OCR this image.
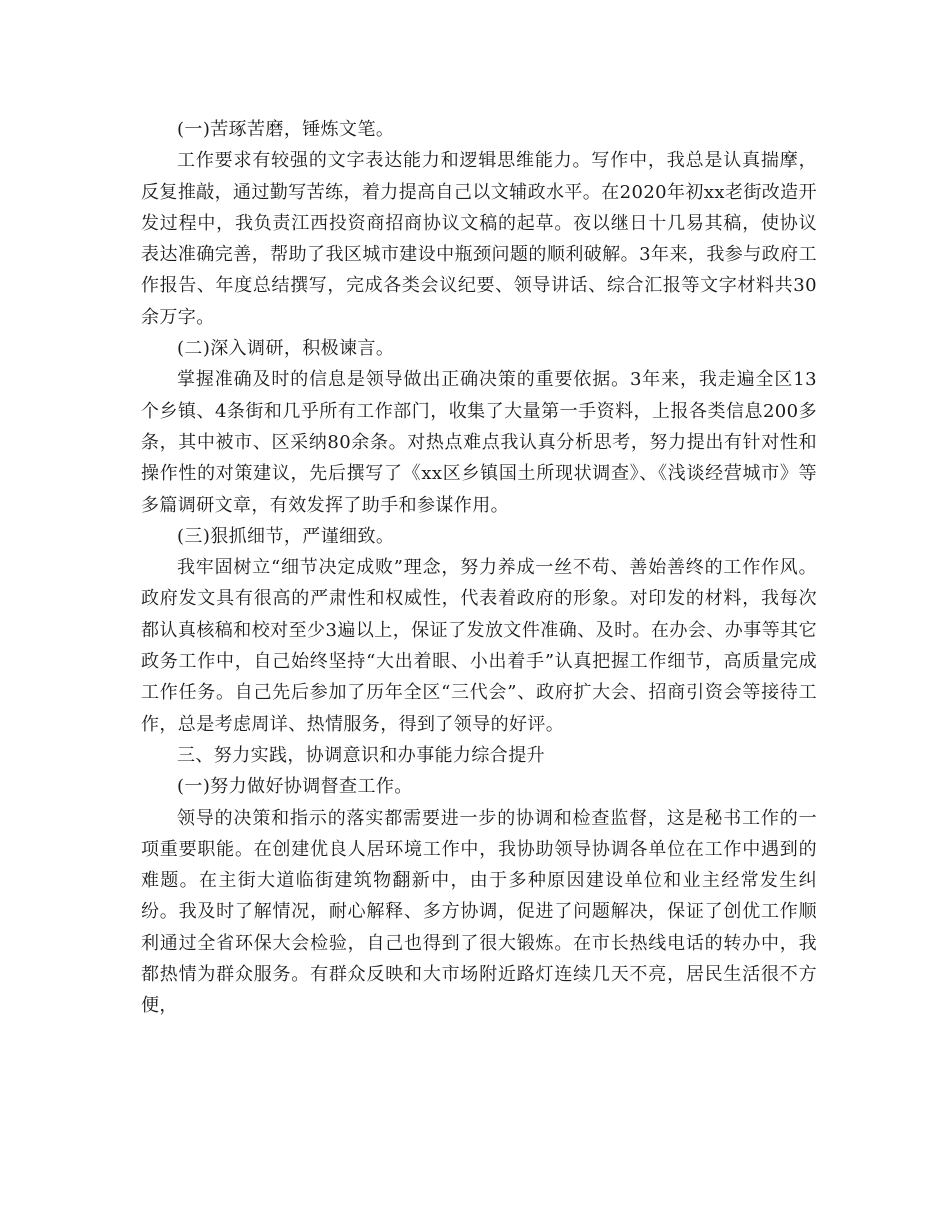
(一)苦琢苦磨，锤炼文笔。

工作要求有较强的文字表达能力和逻辑思维能力。写作中，我总是认真揣摩，反复推敲，通过勤写苦练，着力提高自己以文辅政水平。在2020年初xx老街改造开发过程中，我负责江西投资商招商协议文稿的起草。夜以继日十几易其稿，使协议表达准确完善，帮助了我区城市建设中瓶颈问题的顺利破解。3年来，我参与政府工作报告、年度总结撰写，完成各类会议纪要、领导讲话、综合汇报等文字材料共30余万字。

(二)深入调研，积极谏言。

掌握准确及时的信息是领导做出正确决策的重要依据。3年来，我走遍全区13个乡镇、4条街和几乎所有工作部门，收集了大量第一手资料，上报各类信息200多条，其中被市、区采纳80余条。对热点难点我认真分析思考，努力提出有针对性和操作性的对策建议，先后撰写了《xx区乡镇国土所现状调查》、《浅谈经营城市》等多篇调研文章，有效发挥了助手和参谋作用。

(三)狠抓细节，严谨细致。

我牢固树立“细节决定成败”理念，努力养成一丝不苟、善始善终的工作作风。政府发文具有很高的严肃性和权威性，代表着政府的形象。对印发的材料，我每次都认真核稿和校对至少3遍以上，保证了发放文件准确、及时。在办会、办事等其它政务工作中，自己始终坚持“大出着眼、小出着手”认真把握工作细节，高质量完成工作任务。自己先后参加了历年全区“三代会”、政府扩大会、招商引资会等接待工作，总是考虑周详、热情服务，得到了领导的好评。

三、努力实践，协调意识和办事能力综合提升

(一)努力做好协调督查工作。

领导的决策和指示的落实都需要进一步的协调和检查监督，这是秘书工作的一项重要职能。在创建优良人居环境工作中，我协助领导协调各单位在工作中遇到的难题。在主街大道临街建筑物翻新中，由于多种原因建设单位和业主经常发生纠纷。我及时了解情况，耐心解释、多方协调，促进了问题解决，保证了创优工作顺利通过全省环保大会检验，自己也得到了很大锻炼。在市长热线电话的转办中，我都热情为群众服务。有群众反映和大市场附近路灯连续几天不亮，居民生活很不方便，
